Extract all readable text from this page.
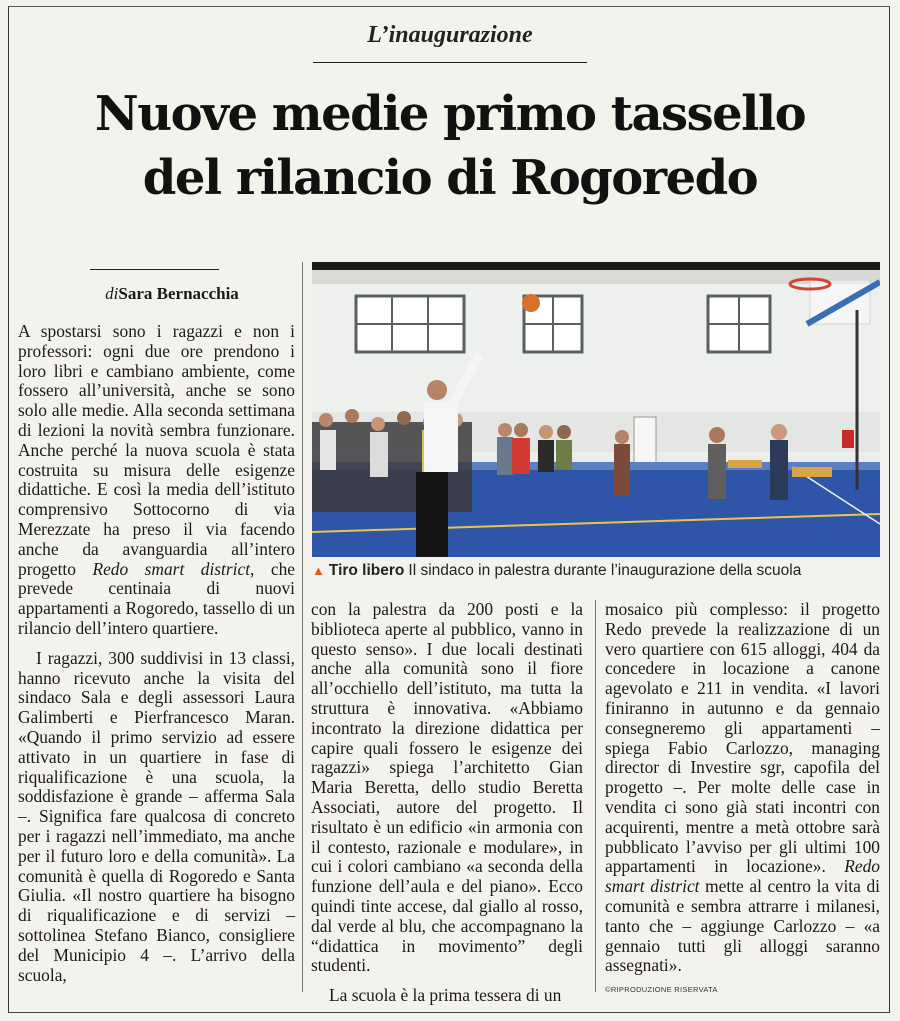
L’inaugurazione
Nuove medie primo tassello
del rilancio di Rogoredo
diSara Bernacchia

A spostarsi sono i ragazzi e non i professori: ogni due ore prendono i loro libri e cambiano ambiente, come fossero all’università, anche se sono solo alle medie. Alla seconda settimana di lezioni la novità sembra funzionare. Anche perché la nuova scuola è stata costruita su misura delle esigenze didattiche. E così la media dell’istituto comprensivo Sottocorno di via Merezzate ha preso il via facendo anche da avanguardia all’intero progetto Redo smart district, che prevede centinaia di nuovi appartamenti a Rogoredo, tassello di un rilancio dell’intero quartiere.

I ragazzi, 300 suddivisi in 13 classi, hanno ricevuto anche la visita del sindaco Sala e degli assessori Laura Galimberti e Pierfrancesco Maran. «Quando il primo servizio ad essere attivato in un quartiere in fase di riqualificazione è una scuola, la soddisfazione è grande – afferma Sala –. Significa fare qualcosa di concreto per i ragazzi nell’immediato, ma anche per il futuro loro e della comunità». La comunità è quella di Rogoredo e Santa Giulia. «Il nostro quartiere ha bisogno di riqualificazione e di servizi – sottolinea Stefano Bianco, consigliere del Municipio 4 –. L’arrivo della scuola,

▲ Tiro libero Il sindaco in palestra durante l’inaugurazione della scuola

con la palestra da 200 posti e la biblioteca aperte al pubblico, vanno in questo senso». I due locali destinati anche alla comunità sono il fiore all’occhiello dell’istituto, ma tutta la struttura è innovativa. «Abbiamo incontrato la direzione didattica per capire quali fossero le esigenze dei ragazzi» spiega l’architetto Gian Maria Beretta, dello studio Beretta Associati, autore del progetto. Il risultato è un edificio «in armonia con il contesto, razionale e modulare», in cui i colori cambiano «a seconda della funzione dell’aula e del piano». Ecco quindi tinte accese, dal giallo al rosso, dal verde al blu, che accompagnano la “didattica in movimento” degli studenti.

La scuola è la prima tessera di un

mosaico più complesso: il progetto Redo prevede la realizzazione di un vero quartiere con 615 alloggi, 404 da concedere in locazione a canone agevolato e 211 in vendita. «I lavori finiranno in autunno e da gennaio consegneremo gli appartamenti – spiega Fabio Carlozzo, managing director di Investire sgr, capofila del progetto –. Per molte delle case in vendita ci sono già stati incontri con acquirenti, mentre a metà ottobre sarà pubblicato l’avviso per gli ultimi 100 appartamenti in locazione». Redo smart district mette al centro la vita di comunità e sembra attrarre i milanesi, tanto che – aggiunge Carlozzo – «a gennaio tutti gli alloggi saranno assegnati».

©RIPRODUZIONE RISERVATA
